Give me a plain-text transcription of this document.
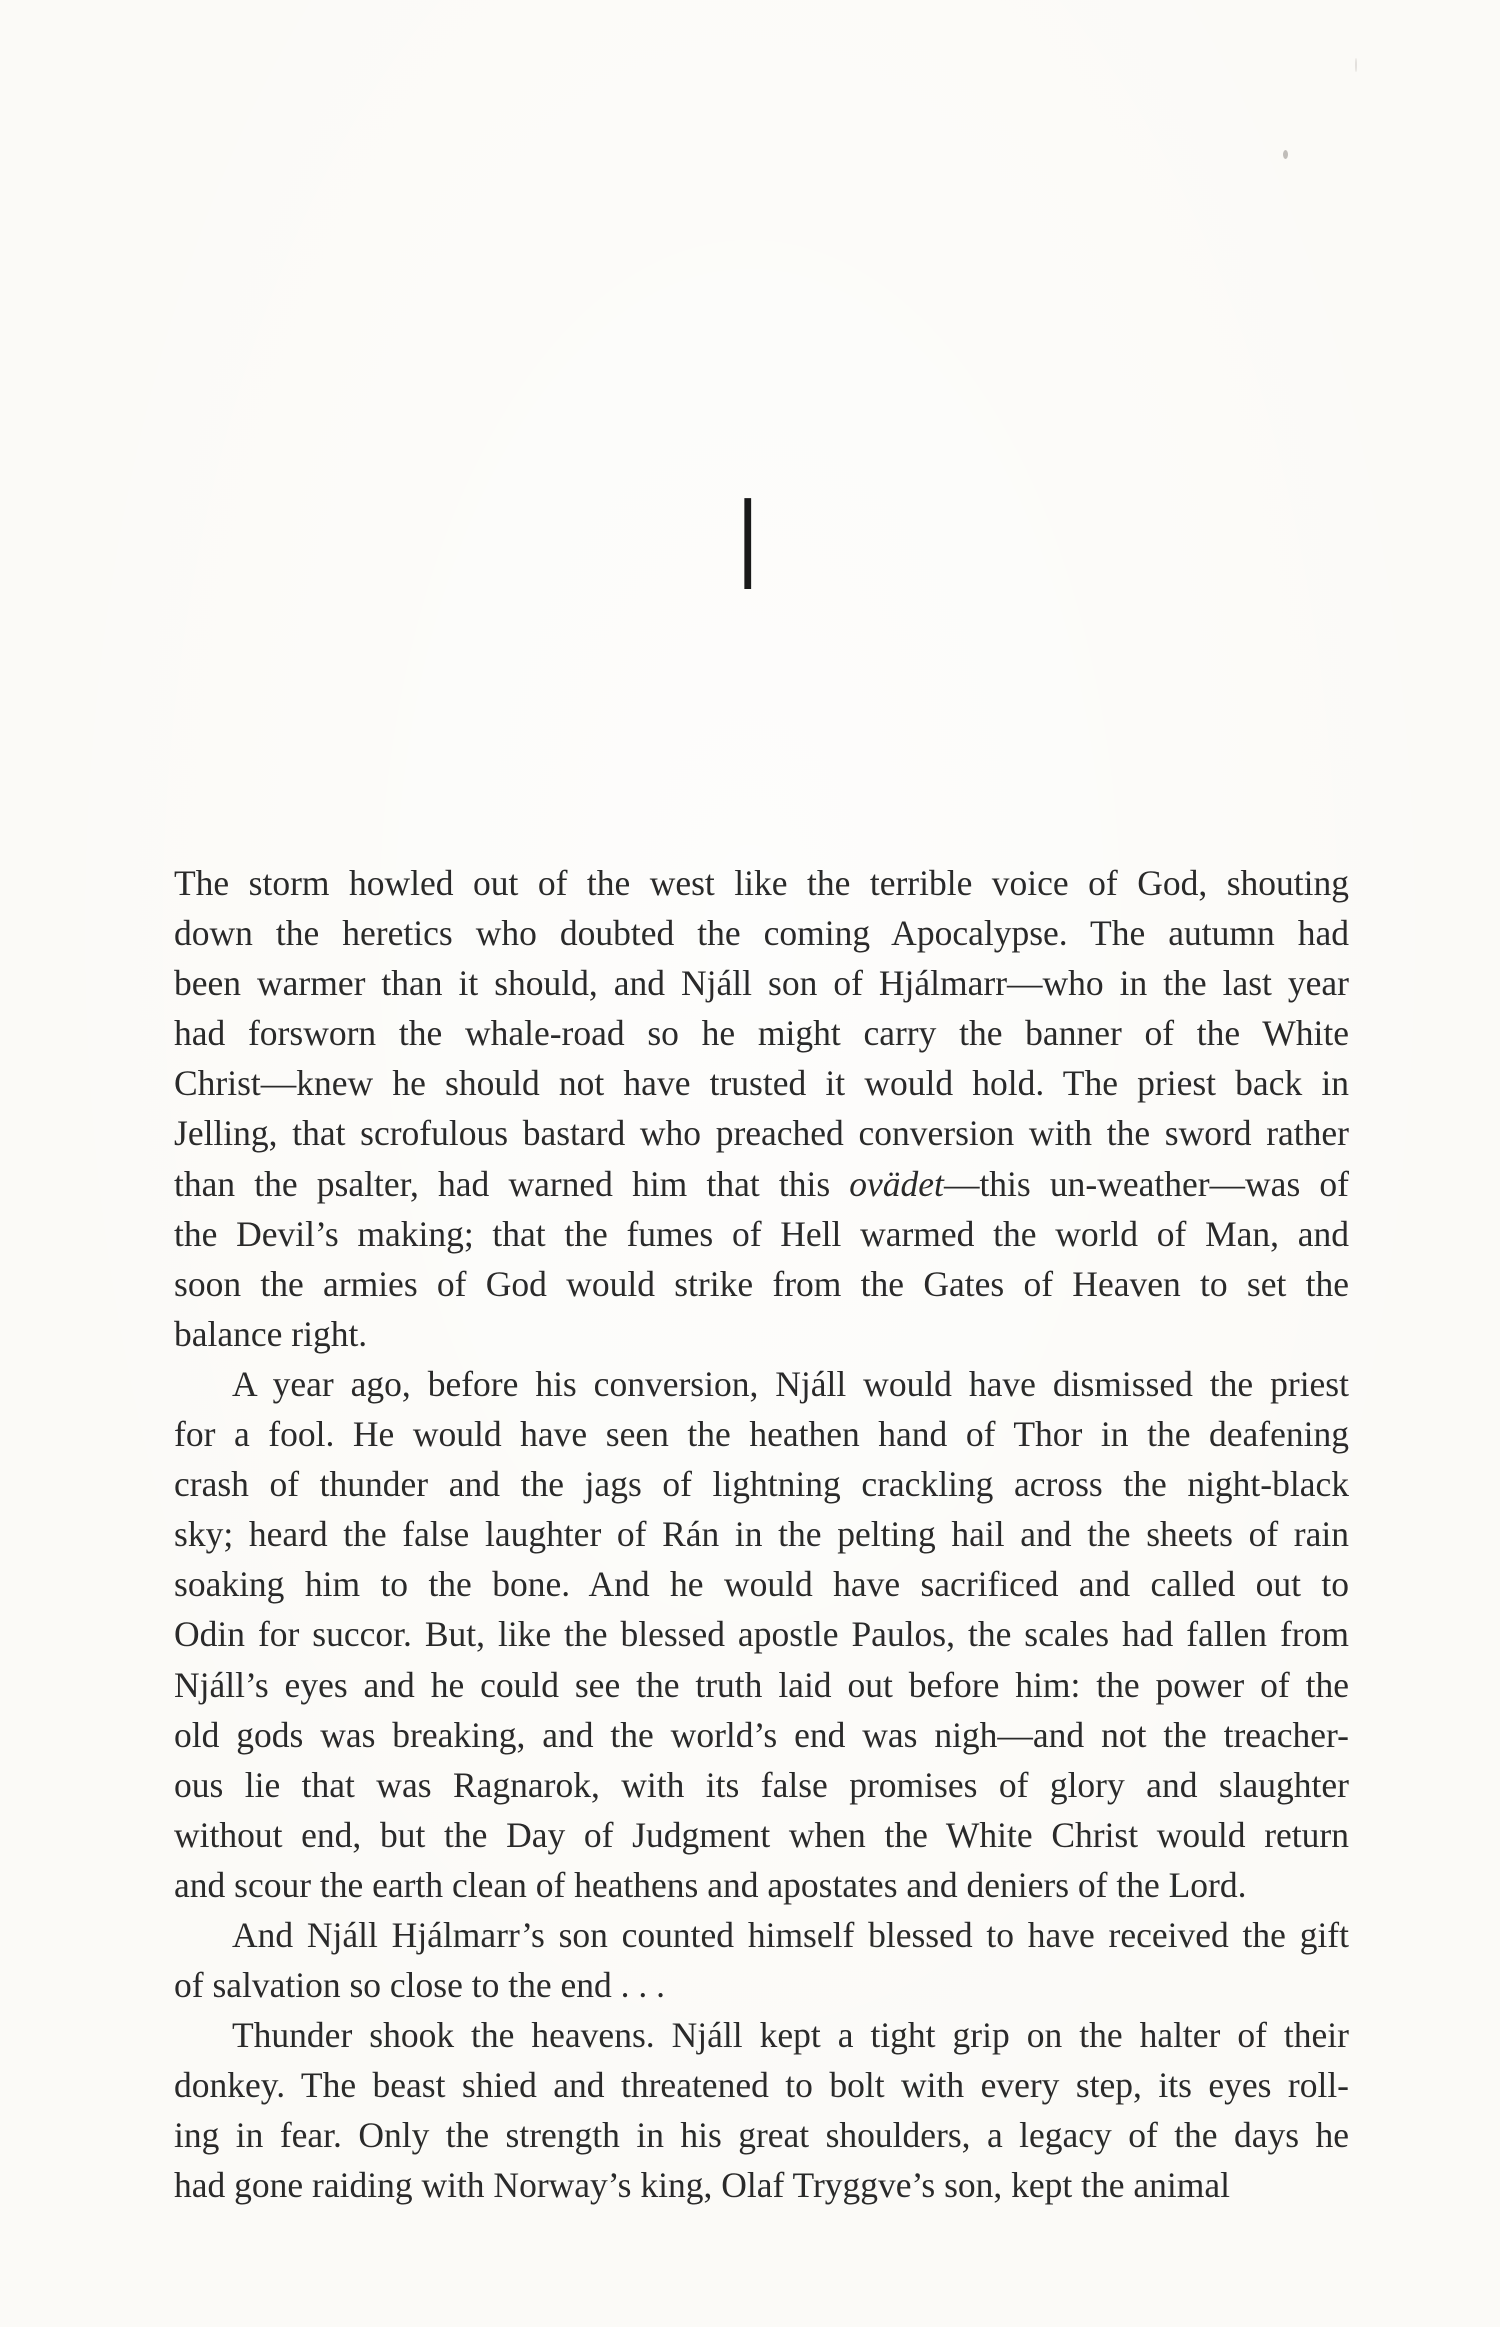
I
The storm howled out of the west like the terrible voice of God, shouting
down the heretics who doubted the coming Apocalypse. The autumn had
been warmer than it should, and Njáll son of Hjálmarr—who in the last year
had forsworn the whale-road so he might carry the banner of the White
Christ—knew he should not have trusted it would hold. The priest back in
Jelling, that scrofulous bastard who preached conversion with the sword rather
than the psalter, had warned him that this ovädet—this un-weather—was of
the Devil’s making; that the fumes of Hell warmed the world of Man, and
soon the armies of God would strike from the Gates of Heaven to set the
balance right.
A year ago, before his conversion, Njáll would have dismissed the priest
for a fool. He would have seen the heathen hand of Thor in the deafening
crash of thunder and the jags of lightning crackling across the night-black
sky; heard the false laughter of Rán in the pelting hail and the sheets of rain
soaking him to the bone. And he would have sacrificed and called out to
Odin for succor. But, like the blessed apostle Paulos, the scales had fallen from
Njáll’s eyes and he could see the truth laid out before him: the power of the
old gods was breaking, and the world’s end was nigh—and not the treacher-
ous lie that was Ragnarok, with its false promises of glory and slaughter
without end, but the Day of Judgment when the White Christ would return
and scour the earth clean of heathens and apostates and deniers of the Lord.
And Njáll Hjálmarr’s son counted himself blessed to have received the gift
of salvation so close to the end . . .
Thunder shook the heavens. Njáll kept a tight grip on the halter of their
donkey. The beast shied and threatened to bolt with every step, its eyes roll-
ing in fear. Only the strength in his great shoulders, a legacy of the days he
had gone raiding with Norway’s king, Olaf Tryggve’s son, kept the animal
